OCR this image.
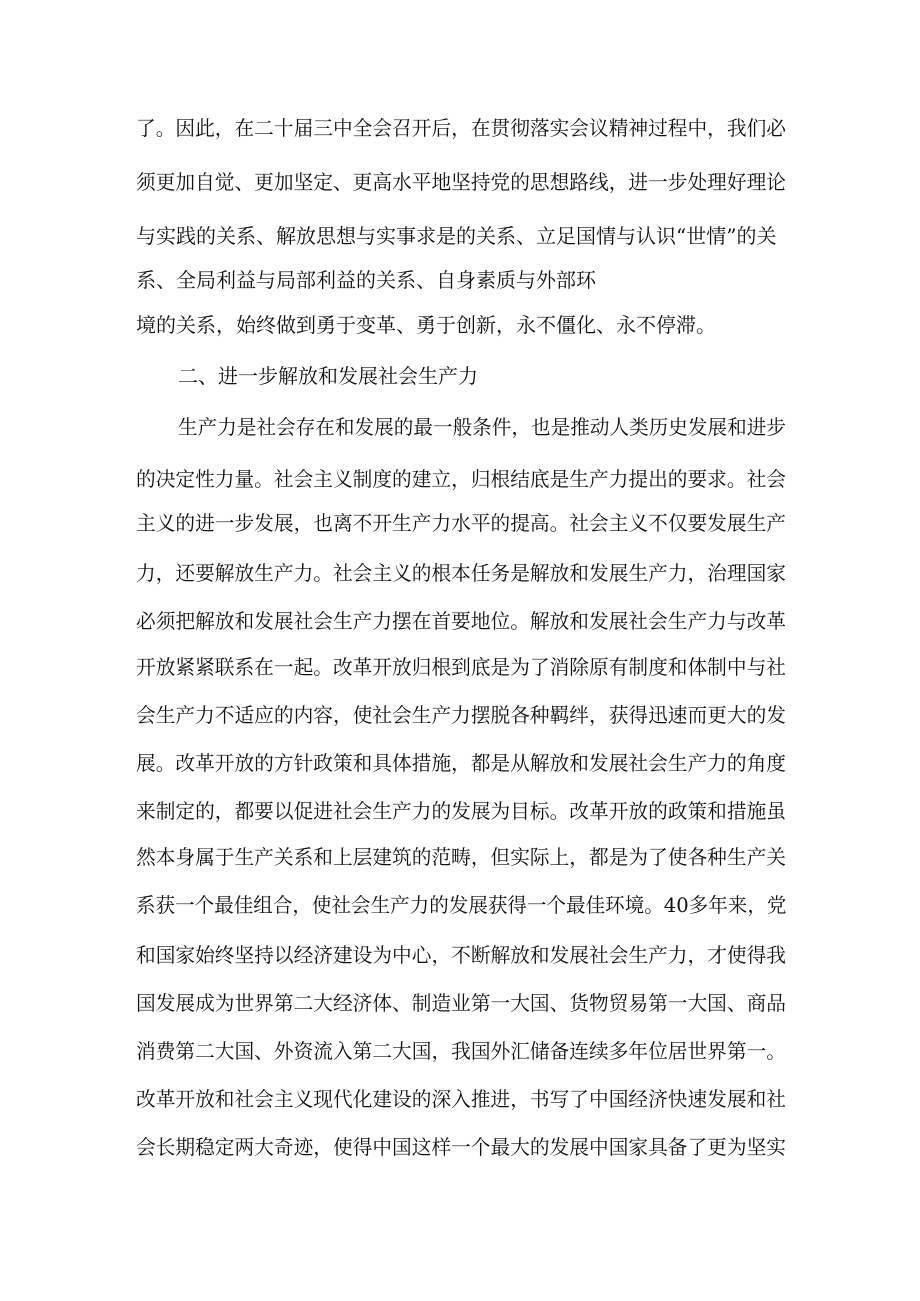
了。因此，在二十届三中全会召开后，在贯彻落实会议精神过程中，我们必
须更加自觉、更加坚定、更高水平地坚持党的思想路线，进一步处理好理论
与实践的关系、解放思想与实事求是的关系、立足国情与认识“世情”的关
系、全局利益与局部利益的关系、自身素质与外部环
境的关系，始终做到勇于变革、勇于创新，永不僵化、永不停滞。
二、进一步解放和发展社会生产力
生产力是社会存在和发展的最一般条件，也是推动人类历史发展和进步
的决定性力量。社会主义制度的建立，归根结底是生产力提出的要求。社会
主义的进一步发展，也离不开生产力水平的提高。社会主义不仅要发展生产
力，还要解放生产力。社会主义的根本任务是解放和发展生产力，治理国家
必须把解放和发展社会生产力摆在首要地位。解放和发展社会生产力与改革
开放紧紧联系在一起。改革开放归根到底是为了消除原有制度和体制中与社
会生产力不适应的内容，使社会生产力摆脱各种羁绊，获得迅速而更大的发
展。改革开放的方针政策和具体措施，都是从解放和发展社会生产力的角度
来制定的，都要以促进社会生产力的发展为目标。改革开放的政策和措施虽
然本身属于生产关系和上层建筑的范畴，但实际上，都是为了使各种生产关
系获一个最佳组合，使社会生产力的发展获得一个最佳环境。40多年来，党
和国家始终坚持以经济建设为中心，不断解放和发展社会生产力，才使得我
国发展成为世界第二大经济体、制造业第一大国、货物贸易第一大国、商品
消费第二大国、外资流入第二大国，我国外汇储备连续多年位居世界第一。
改革开放和社会主义现代化建设的深入推进，书写了中国经济快速发展和社
会长期稳定两大奇迹，使得中国这样一个最大的发展中国家具备了更为坚实
